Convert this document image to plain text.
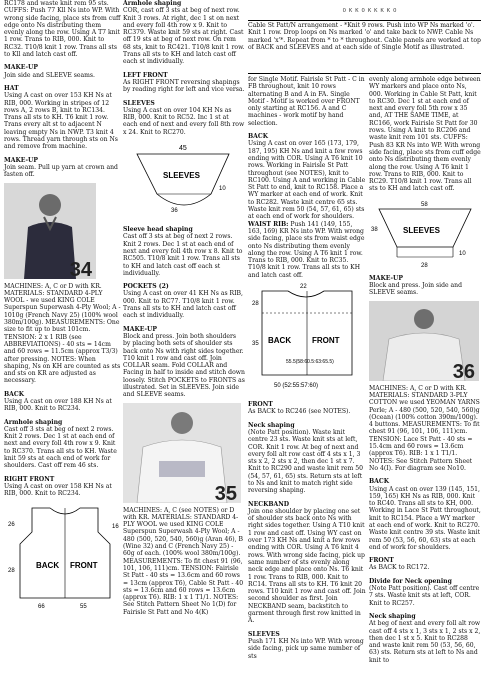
OKKOKKKKO

RC178 and waste knit rem 95 sts. CUFFS: Push 77 Kll Ns into WP. With wrong side facing, place sts from cuff edge onto Ns distributing them evenly along the row. Using A T7 knit 1 row. Trans to RIB, 000. Knit to RC32. T10/8 knit 1 row. Trans all sts to Kll and latch cast off.

MAKE-UP

Join side and SLEEVE seams.

HAT

Using A cast on over 153 KH Ns at RIB, 000. Working in stripes of 12 rows A, 2 rows B, knit to RC134. Trans all sts to KH. T6 knit 1 row. Trans every alt st to adjacent N leaving empty Ns in NWP. T3 knit 4 rows. Thread yarn through sts on Ns and remove from machine.

MAKE-UP

Join seam. Pull up yarn at crown and fasten off.

34

MACHINES: A, C or D with KR. MATERIALS: STANDARD 4-PLY WOOL - we used KING COLE Superspun Superwash 4-Ply Wool; A - 1010g (French Navy 25) (100% wool 380m/100g). MEASUREMENTS: One size to fit up to bust 101cm. TENSION: 2 x 1 RIB (see ABBREVIATIONS) - 40 sts = 14cm and 60 rows = 11.5cm (approx T3/3) after pressing. NOTES: When shaping, Ns on KH are counted as sts and sts on KR are adjusted as necessary.

BACK

Using A cast on over 188 KH Ns at RIB, 000. Knit to RC234.

Armhole shaping

Cast off 3 sts at beg of next 2 rows. Knit 2 rows. Dec 1 st at each end of next and every foll 4th row x 9. Knit to RC370. Trans all sts to KH. Waste knit 59 sts at each end of work for shoulders. Cast off rem 46 sts.

RIGHT FRONT

Using A cast on over 158 KH Ns at RIB, 000. Knit to RC234.

BACK FRONT
26
28
16
66	55

Armhole shaping

COR, cast off 3 sts at beg of next row. Knit 3 rows. At right, dec 1 st on next and every foll 4th row x 9. Knit to RC379. Waste knit 59 sts at right. Cast off 19 sts at beg of next row. On rem 68 sts, knit to RC421. T10/8 knit 1 row. Trans all sts to KH and latch cast off each st individually.

LEFT FRONT

As RIGHT FRONT reversing shapings by reading right for left and vice versa.

SLEEVES

Using A cast on over 104 KH Ns as RIB, 000. Knit to RC52. Inc 1 st at each end of next and every foll 8th row x 24. Knit to RC270.

45
SLEEVES
36
10

Sleeve head shaping

Cast off 3 sts at beg of next 2 rows. Knit 2 rows. Dec 1 st at each end of next and every foll 4th row x 8. Knit to RC505. T10/8 knit 1 row. Trans all sts to KH and latch cast off each st individually.

POCKETS (2)

Using A cast on over 41 KH Ns as RIB, 000. Knit to RC77. T10/8 knit 1 row. Trans all sts to KH and latch cast off each st individually.

MAKE-UP

Block and press. Join both shoulders by placing both sets of shoulder sts back onto Ns with right sides together. T10 knit 1 row and cast off. Join COLLAR seam. Fold COLLAR and Facing in half to inside and stitch down loosely. Stitch POCKETS to FRONTS as illustrated. Set in SLEEVES. Join side and SLEEVE seams.

35

MACHINES: A, C (see NOTES) or D with KR. MATERIALS: STANDARD 4-PLY WOOL we used KING COLE Superspun Superwash 4-Ply Wool; A - 480 (500, 520, 540, 560)g (Aran 46), B (Wine 32) and C (French Navy 25) - 60g of each. (100% wool 380m/100g). MEASUREMENTS: To fit chest 91 (96, 101, 106, 111)cm. TENSION: Fairisle St Patt - 40 sts = 13.6cm and 60 rows = 13cm (approx T6), Cable St Patt - 40 sts = 13.6cm and 60 rows = 13.6cm (approx T6). RIB: 1 x 1 T1/1. NOTES: See Stitch Pattern Sheet No 1(D) for Fairisle St Patt and No 4(K)

Cable St Patt/N arrangement - *Knit 9 rows. Push into WP Ns marked 'o'. Knit 1 row. Drop loops on Ns marked 'o' and take back to NWP. Cable Ns marked 'x'*. Repeat from * to * throughout. Cable panels are worked at top of BACK and SLEEVES and at each side of Single Motif as illustrated.

for Single Motif. Fairisle St Patt - C in FB throughout, knit 10 rows alternating B and A in FA. Single Motif - Motif is worked over FRONT only starting at RC156. A and C machines - work motif by hand selection.

BACK

Using A cast on over 165 (173, 179, 187, 195) KH Ns and knit a few rows ending with COR. Using A T6 knit 10 rows. Working in Fairisle St Patt throughout (see NOTES), knit to RC100. Using A and working in Cable St Patt to end, knit to RC158. Place a WY marker at each end of work. Knit to RC282. Waste knit centre 65 sts. Waste knit rem 50 (54, 57, 61, 65) sts at each end of work for shoulders.

WAIST RIB: Push 141 (149, 155, 163, 169) KR Ns into WP. With wrong side facing, place sts from waist edge onto Ns distributing them evenly along the row. Using A T6 knit 1 row. Trans to RIB, 000. Knit to RC35. T10/8 knit 1 row. Trans all sts to KH and latch cast off.

22
28
35 BACK	FRONT
55.5(58:60.5:63:65.5)
50 (52:55:57:60)

FRONT

As BACK to RC246 (see NOTES).

Neck shaping

(Note Patt position). Waste knit centre 23 sts. Waste knit sts at left, COR. Knit 1 row. At beg of next and every foll alt row cast off 4 sts x 1, 3 sts x 2, 2 sts x 2, then dec 1 st x 7. Knit to RC290 and waste knit rem 50 (54, 57, 61, 65) sts. Return sts at left to Ns and knit to match right side reversing shaping.

NECKBAND

Join one shoulder by placing one set of shoulder sts back onto Ns with right sides together. Using A T10 knit 1 row and cast off. Using WY cast on over 173 KH Ns and knit a few rows ending with COR. Using A T6 knit 4 rows. With wrong side facing, pick up same number of sts evenly along neck edge and place onto Ns. T6 knit 1 row. Trans to RIB, 000. Knit to RC14. Trans all sts to KH. T6 knit 20 rows. T10 knit 1 row and cast off. Join second shoulder as first. Join NECKBAND seam, backstitch to garment through first row knitted in A.

SLEEVES

Push 171 KH Ns into WP. With wrong side facing, pick up same number of sts

evenly along armhole edge between WY markers and place onto Ns, 000. Working in Cable St Patt, knit to RC30. Dec 1 st at each end of next and every foll 5th row x 35 and, AT THE SAME TIME, at RC166, work Fairisle St Patt for 30 rows. Using A knit to RC206 and waste knit rem 101 sts. CUFFS: Push 83 KR Ns into WP. With wrong side facing, place sts from cuff edge onto Ns distributing them evenly along the row. Using A T6 knit 1 row. Trans to RIB, 000. Knit to RC29. T10/8 knit 1 row. Trans all sts to KH and latch cast off.

58
38
10
SLEEVES
28

MAKE-UP

Block and press. Join side and SLEEVE seams.

36

MACHINES: A, C or D with KR. MATERIALS: STANDARD 3-PLY COTTON we used YEOMAN YARNS Perle; A - 480 (500, 520, 540, 560)g (Ocean) (100% cotton 390m/100g). 4 buttons. MEASUREMENTS: To fit chest 91 (96, 101, 106, 111)cm. TENSION: Lace St Patt - 40 sts = 15.4cm and 60 rows = 13.6cm (approx T6). RIB: 1 x 1 T1/1. NOTES: See Stitch Pattern Sheet No 4(I). For diagram see No10.

BACK

Using A cast on over 139 (145, 151, 159, 165) KH Ns as RIB, 000. Knit to RC40. Trans all sts to KH, 000. Working in Lace St Patt throughout, knit to RC154. Place a WY marker at each end of work. Knit to RC270. Waste knit centre 39 sts. Waste knit rem 50 (53, 56, 60, 63) sts at each end of work for shoulders.

FRONT

As BACK to RC172.

Divide for Neck opening

(Note Patt position). Cast off centre 7 sts. Waste knit sts at left, COR. Knit to RC257.

Neck shaping

At beg of next and every foll alt row cast off 4 sts x 1, 3 sts x 1, 2 sts x 2, then dec 1 st x 5. Knit to RC288 and waste knit rem 50 (53, 56, 60, 63) sts. Return sts at left to Ns and knit to
